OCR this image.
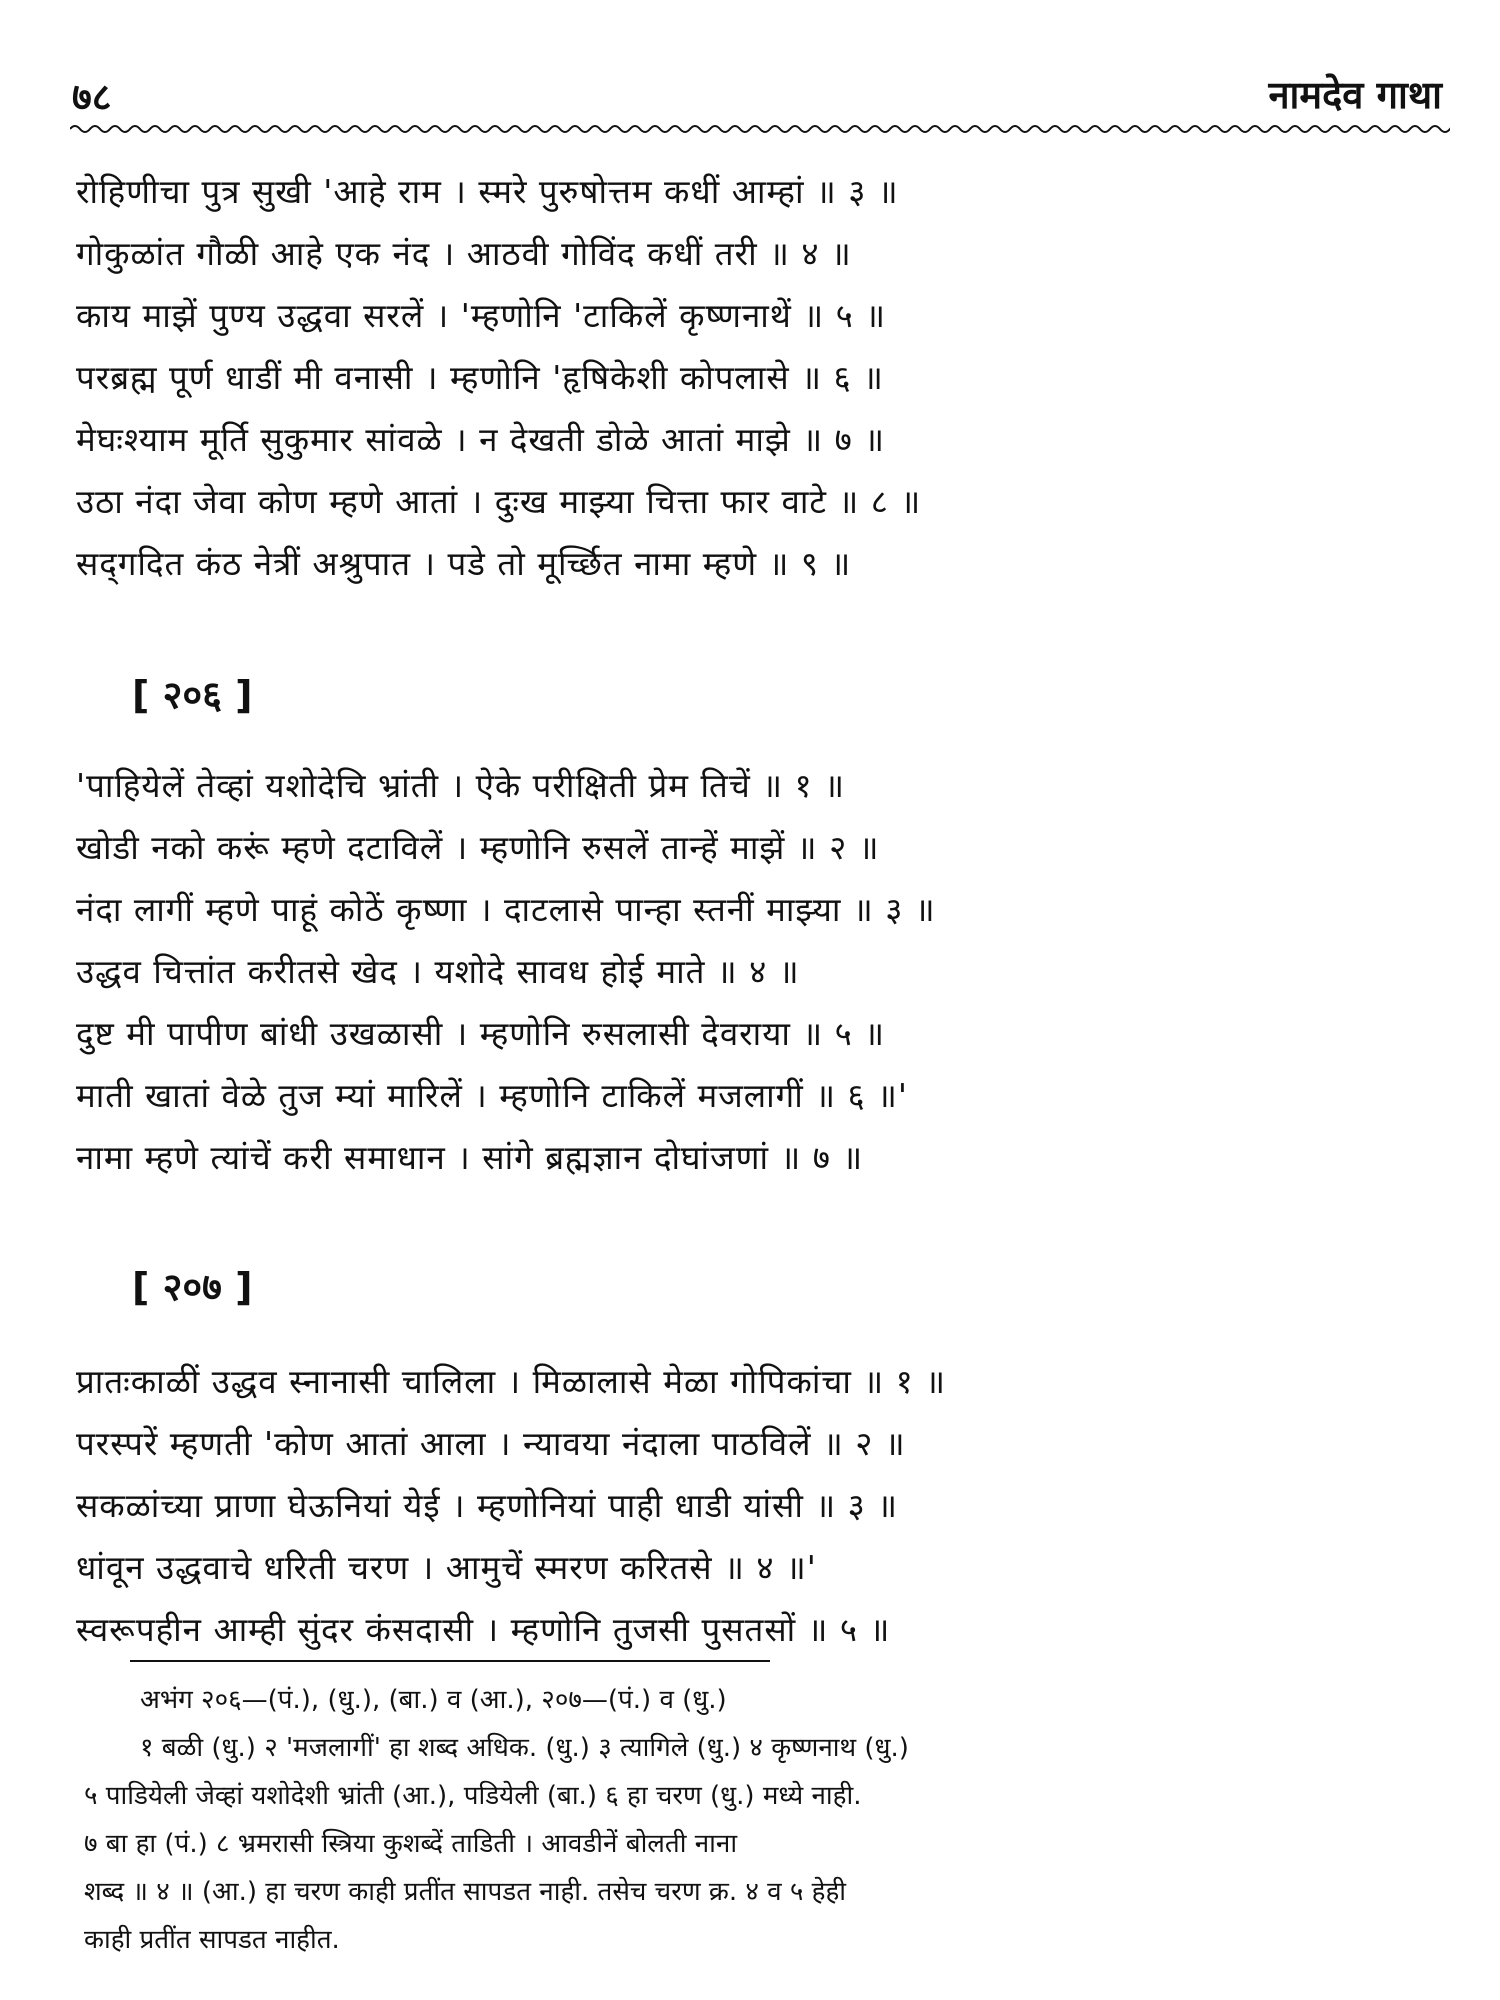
७८	नामदेव गाथा
रोहिणीचा पुत्र सुखी 'आहे राम । स्मरे पुरुषोत्तम कधीं आम्हां ॥ ३ ॥
गोकुळांत गौळी आहे एक नंद । आठवी गोविंद कधीं तरी ॥ ४ ॥
काय माझें पुण्य उद्धवा सरलें । 'म्हणोनि 'टाकिलें कृष्णनाथें ॥ ५ ॥
परब्रह्म पूर्ण धाडीं मी वनासी । म्हणोनि 'हृषिकेशी कोपलासे ॥ ६ ॥
मेघःश्याम मूर्ति सुकुमार सांवळे । न देखती डोळे आतां माझे ॥ ७ ॥
उठा नंदा जेवा कोण म्हणे आतां । दुःख माझ्या चित्ता फार वाटे ॥ ८ ॥
सद्‌गदित कंठ नेत्रीं अश्रुपात । पडे तो मूर्च्छित नामा म्हणे ॥ ९ ॥
[ २०६ ]
'पाहियेलें तेव्हां यशोदेचि भ्रांती । ऐके परीक्षिती प्रेम तिचें ॥ १ ॥
खोडी नको करूं म्हणे दटाविलें । म्हणोनि रुसलें तान्हें माझें ॥ २ ॥
नंदा लागीं म्हणे पाहूं कोठें कृष्णा । दाटलासे पान्हा स्तनीं माझ्या ॥ ३ ॥
उद्धव चित्तांत करीतसे खेद । यशोदे सावध होई माते ॥ ४ ॥
दुष्ट मी पापीण बांधी उखळासी । म्हणोनि रुसलासी देवराया ॥ ५ ॥
माती खातां वेळे तुज म्यां मारिलें । म्हणोनि टाकिलें मजलागीं ॥ ६ ॥'
नामा म्हणे त्यांचें करी समाधान । सांगे ब्रह्मज्ञान दोघांजणां ॥ ७ ॥
[ २०७ ]
प्रातःकाळीं उद्धव स्नानासी चालिला । मिळालासे मेळा गोपिकांचा ॥ १ ॥
परस्परें म्हणती 'कोण आतां आला । न्यावया नंदाला पाठविलें ॥ २ ॥
सकळांच्या प्राणा घेऊनियां येई । म्हणोनियां पाही धाडी यांसी ॥ ३ ॥
धांवून उद्धवाचे धरिती चरण । आमुचें स्मरण करितसे ॥ ४ ॥'
स्वरूपहीन आम्ही सुंदर कंसदासी । म्हणोनि तुजसी पुसतसों ॥ ५ ॥
अभंग २०६—(पं.), (धु.), (बा.) व (आ.), २०७—(पं.) व (धु.)
१ बळी (धु.) २ 'मजलागीं' हा शब्द अधिक. (धु.) ३ त्यागिले (धु.) ४ कृष्णनाथ (धु.)
५ पाडियेली जेव्हां यशोदेशी भ्रांती (आ.), पडियेली (बा.) ६ हा चरण (धु.) मध्ये नाही.
७ बा हा (पं.) ८ भ्रमरासी स्त्रिया कुशब्दें ताडिती । आवडीनें बोलती नाना
शब्द ॥ ४ ॥ (आ.) हा चरण काही प्रतींत सापडत नाही. तसेच चरण क्र. ४ व ५ हेही
काही प्रतींत सापडत नाहीत.
